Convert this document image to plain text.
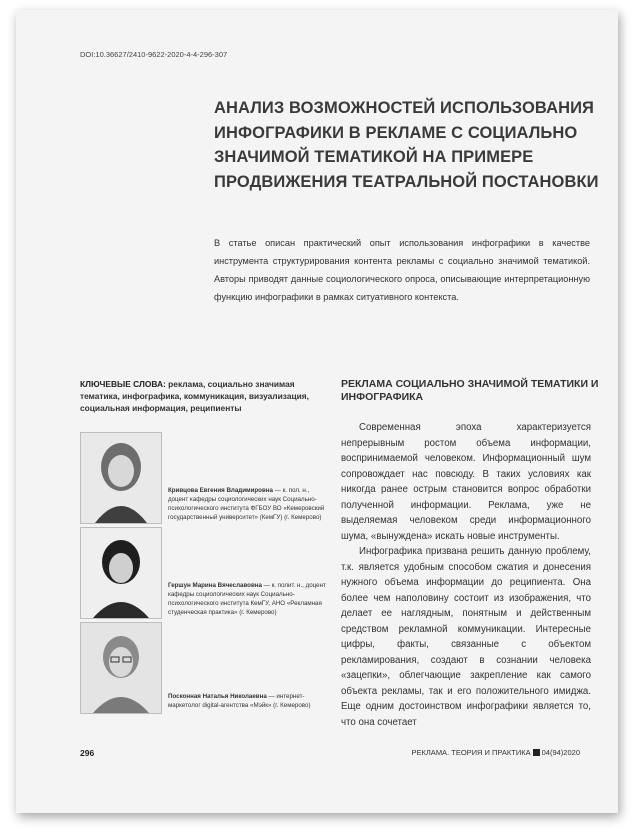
DOI:10.36627/2410-9622-2020-4-4-296-307
АНАЛИЗ ВОЗМОЖНОСТЕЙ ИСПОЛЬЗОВАНИЯ ИНФОГРАФИКИ В РЕКЛАМЕ С СОЦИАЛЬНО ЗНАЧИМОЙ ТЕМАТИКОЙ НА ПРИМЕРЕ ПРОДВИЖЕНИЯ ТЕАТРАЛЬНОЙ ПОСТАНОВКИ
В статье описан практический опыт использования инфографики в качестве инструмента структурирования контента рекламы с социально значимой тематикой. Авторы приводят данные социологического опроса, описывающие интерпретационную функцию инфографики в рамках ситуативного контекста.
КЛЮЧЕВЫЕ СЛОВА: реклама, социально значимая тематика, инфографика, коммуникация, визуализация, социальная информация, реципиенты
Кривцова Евгения Владимировна — к. пол. н., доцент кафедры социологических наук Социально-психологического института ФГБОУ ВО «Кемеровский государственный университет» (КемГУ) (г. Кемерово)
Гершун Марина Вячеславовна — к. полит. н., доцент кафедры социологических наук Социально-психологического института КемГУ, АНО «Рекламная студенческая практика» (г. Кемерово)
Посконная Наталья Николаевна — интернет-маркетолог digital-агентства «Мэйк» (г. Кемерово)
РЕКЛАМА СОЦИАЛЬНО ЗНАЧИМОЙ ТЕМАТИКИ И ИНФОГРАФИКА

Современная эпоха характеризуется непрерывным ростом объема информации, воспринимаемой человеком. Информационный шум сопровождает нас повсюду. В таких условиях как никогда ранее острым становится вопрос обработки полученной информации. Реклама, уже не выделяемая человеком среди информационного шума, «вынуждена» искать новые инструменты.

Инфографика призвана решить данную проблему, т.к. является удобным способом сжатия и донесения нужного объема информации до реципиента. Она более чем наполовину состоит из изображения, что делает ее наглядным, понятным и действенным средством рекламной коммуникации. Интересные цифры, факты, связанные с объектом рекламирования, создают в сознании человека «зацепки», облегчающие закрепление как самого объекта рекламы, так и его положительного имиджа. Еще одним достоинством инфографики является то, что она сочетает

296	РЕКЛАМА. ТЕОРИЯ И ПРАКТИКА 04(94)2020
